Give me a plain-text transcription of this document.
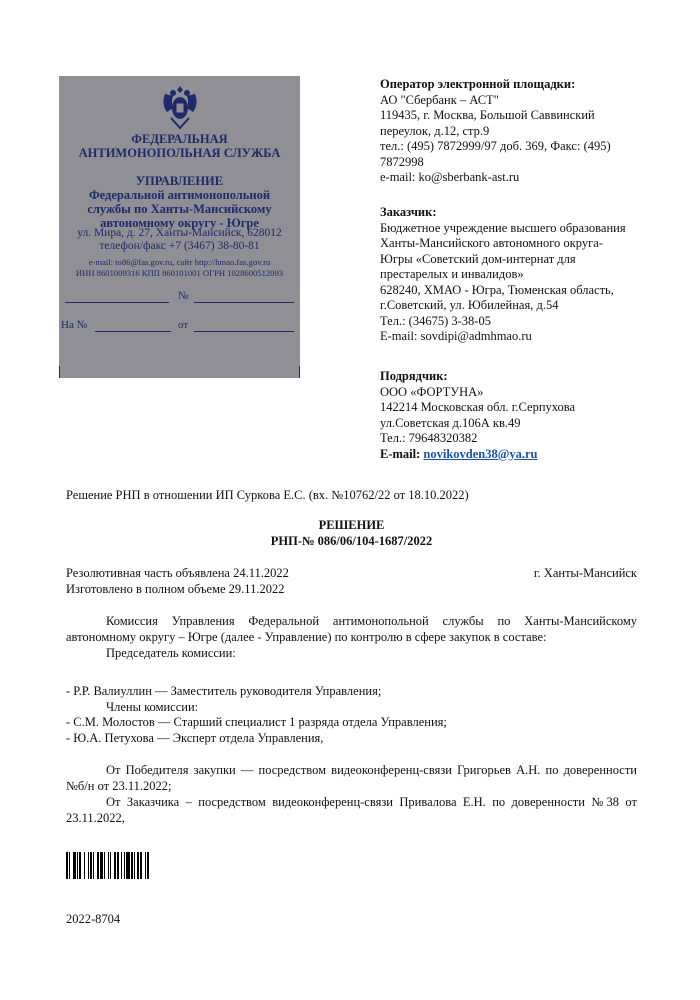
ФЕДЕРАЛЬНАЯ
АНТИМОНОПОЛЬНАЯ СЛУЖБА
УПРАВЛЕНИЕ
Федеральной антимонопольной
службы по Ханты-Мансийскому
автономному округу - Югре
ул. Мира, д. 27, Ханты-Мансийск, 628012
телефон/факс +7 (3467) 38-80-81
e-mail: to86@fas.gov.ru, сайт http://hmao.fas.gov.ru
ИНН 8601009316 КПП 860101001 ОГРН 1028600512093
№
На №	от
Оператор электронной площадки:
АО "Сбербанк – АСТ"
119435, г. Москва, Большой Саввинский
переулок, д.12, стр.9
тел.: (495) 7872999/97 доб. 369, Факс: (495)
7872998
e-mail: ko@sberbank-ast.ru
Заказчик:
Бюджетное учреждение высшего образования
Ханты-Мансийского автономного округа-
Югры «Советский дом-интернат для
престарелых и инвалидов»
628240, ХМАО - Югра, Тюменская область,
г.Советский, ул. Юбилейная, д.54
Тел.: (34675) 3-38-05
E-mail: sovdipi@admhmao.ru
Подрядчик:
ООО «ФОРТУНА»
142214 Московская обл. г.Серпухова
ул.Советская д.106А кв.49
Тел.: 79648320382
E-mail: novikovden38@ya.ru
Решение РНП в отношении ИП Суркова Е.С. (вх. №10762/22 от 18.10.2022)
РЕШЕНИЕ
РНП-№ 086/06/104-1687/2022
Резолютивная часть объявлена 24.11.2022	г. Ханты-Мансийск
Изготовлено в полном объеме 29.11.2022
Комиссия Управления Федеральной антимонопольной службы по Ханты-Мансийскому автономному округу – Югре (далее - Управление) по контролю в сфере закупок в составе:
Председатель комиссии:
- Р.Р. Валиуллин — Заместитель руководителя Управления;
Члены комиссии:
- С.М. Молостов — Старший специалист 1 разряда отдела Управления;
- Ю.А. Петухова — Эксперт отдела Управления,
От Победителя закупки — посредством видеоконференц-связи Григорьев А.Н. по доверенности №б/н от 23.11.2022;
От Заказчика – посредством видеоконференц-связи Привалова Е.Н. по доверенности №38 от 23.11.2022,
2022-8704
